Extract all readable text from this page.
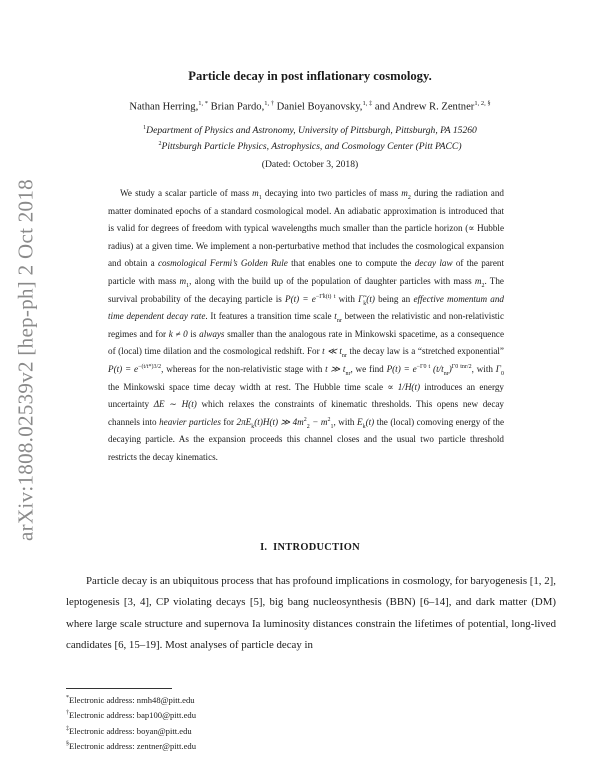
arXiv:1808.02539v2 [hep-ph] 2 Oct 2018
Particle decay in post inflationary cosmology.
Nathan Herring,$^{1, *}$ Brian Pardo,$^{1, \dagger}$ Daniel Boyanovsky,$^{1, \ddagger}$ and Andrew R. Zentner$^{1, 2, \S}$
$^1$Department of Physics and Astronomy, University of Pittsburgh, Pittsburgh, PA 15260
$^2$Pittsburgh Particle Physics, Astrophysics, and Cosmology Center (Pitt PACC)
(Dated: October 3, 2018)

We study a scalar particle of mass $m_1$ decaying into two particles of mass $m_2$ during the radiation and matter dominated epochs of a standard cosmological model. An adiabatic approximation is introduced that is valid for degrees of freedom with typical wavelengths much smaller than the particle horizon (∝ Hubble radius) at a given time. We implement a non-perturbative method that includes the cosmological expansion and obtain a cosmological Fermi’s Golden Rule that enables one to compute the decay law of the parent particle with mass $m_1$, along with the build up of the population of daughter particles with mass $m_2$. The survival probability of the decaying particle is $P(t) = e^{-\Gammãk(t) t}$ with $\Gammã_k(t)$ being an effective momentum and time dependent decay rate. It features a transition time scale $t_{nr}$ between the relativistic and non-relativistic regimes and for k ≠ 0 is always smaller than the analogous rate in Minkowski spacetime, as a consequence of (local) time dilation and the cosmological redshift. For t ≪ $t_{nr}$ the decay law is a “stretched exponential” $P(t) = e^{-(t/t*)3/2}$, whereas for the non-relativistic stage with t ≫ $t_{nr}$, we find $P(t) = e^{-\Gamma 0 t}$ $(t/t_{nr})^{\Gamma 0 tnr/2}$, with $\Gamma_0$ the Minkowski space time decay width at rest. The Hubble time scale ∝ 1/H(t) introduces an energy uncertainty ΔE ∼ H(t) which relaxes the constraints of kinematic thresholds. This opens new decay channels into heavier particles for $2\pi E_k(t)H(t)$ ≫ $4m^2_2 - m^2_1$, with $E_k(t)$ the (local) comoving energy of the decaying particle. As the expansion proceeds this channel closes and the usual two particle threshold restricts the decay kinematics.

I. INTRODUCTION

Particle decay is an ubiquitous process that has profound implications in cosmology, for baryogenesis [1, 2], leptogenesis [3, 4], CP violating decays [5], big bang nucleosynthesis (BBN) [6–14], and dark matter (DM) where large scale structure and supernova Ia luminosity distances constrain the lifetimes of potential, long-lived candidates [6, 15–19]. Most analyses of particle decay in

*Electronic address: nmh48@pitt.edu
†Electronic address: bap100@pitt.edu
‡Electronic address: boyan@pitt.edu
§Electronic address: zentner@pitt.edu
